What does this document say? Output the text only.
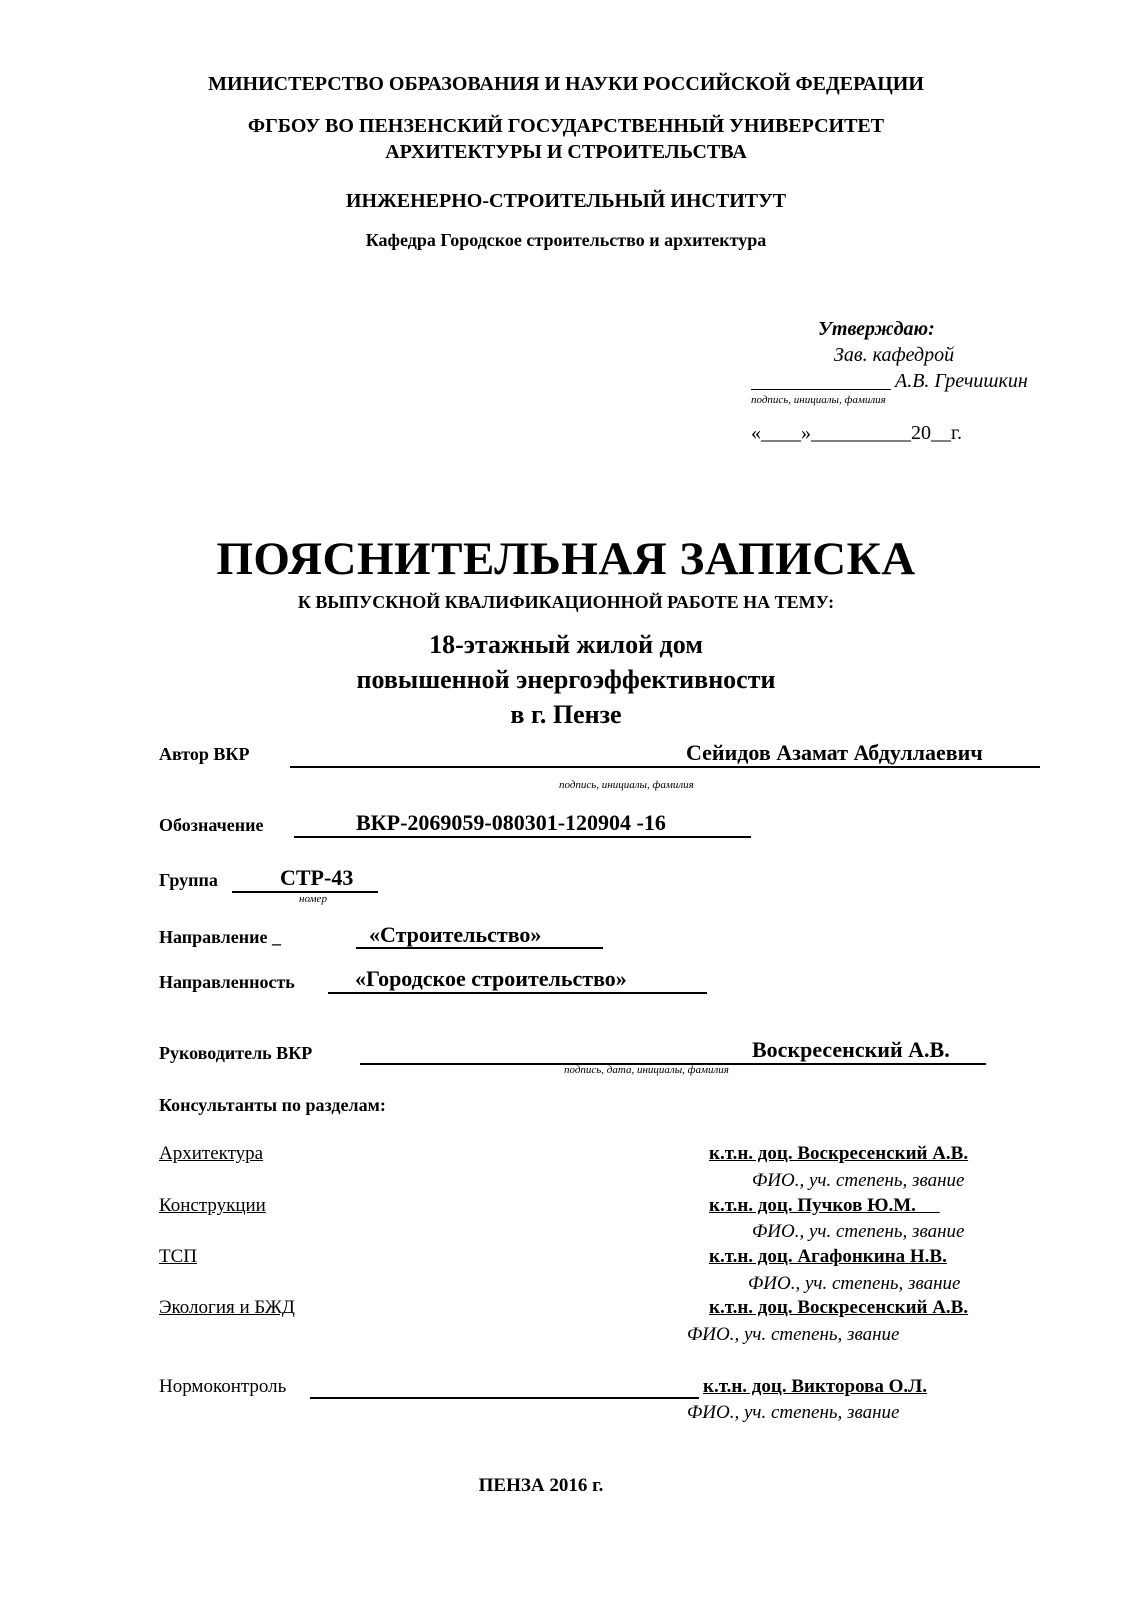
МИНИСТЕРСТВО ОБРАЗОВАНИЯ И НАУКИ РОССИЙСКОЙ ФЕДЕРАЦИИ
ФГБОУ ВО ПЕНЗЕНСКИЙ ГОСУДАРСТВЕННЫЙ УНИВЕРСИТЕТ
АРХИТЕКТУРЫ И СТРОИТЕЛЬСТВА
ИНЖЕНЕРНО-СТРОИТЕЛЬНЫЙ ИНСТИТУТ
Кафедра Городское строительство и архитектура
Утверждаю:
Зав. кафедрой
А.В. Гречишкин
подпись, инициалы, фамилия
«____»__________20__г.
ПОЯСНИТЕЛЬНАЯ ЗАПИСКА
К ВЫПУСКНОЙ КВАЛИФИКАЦИОННОЙ РАБОТЕ НА ТЕМУ:
18-этажный жилой дом
повышенной энергоэффективности
в г. Пензе
Автор ВКР	Сейидов Азамат Абдуллаевич
подпись, инициалы, фамилия
Обозначение	ВКР-2069059-080301-120904 -16
Группа	СТР-43
номер
Направление _	«Строительство»
Направленность	«Городское строительство»
Руководитель ВКР	Воскресенский А.В.
подпись, дата, инициалы, фамилия
Консультанты по разделам:
Архитектура	к.т.н. доц. Воскресенский А.В.
ФИО., уч. степень, звание
Конструкции	к.т.н. доц. Пучков Ю.М.
ФИО., уч. степень, звание
ТСП	к.т.н. доц. Агафонкина Н.В.
ФИО., уч. степень, звание
Экология и БЖД	к.т.н. доц. Воскресенский А.В.
ФИО., уч. степень, звание
Нормоконтроль	к.т.н. доц. Викторова О.Л.
ФИО., уч. степень, звание
ПЕНЗА 2016 г.
